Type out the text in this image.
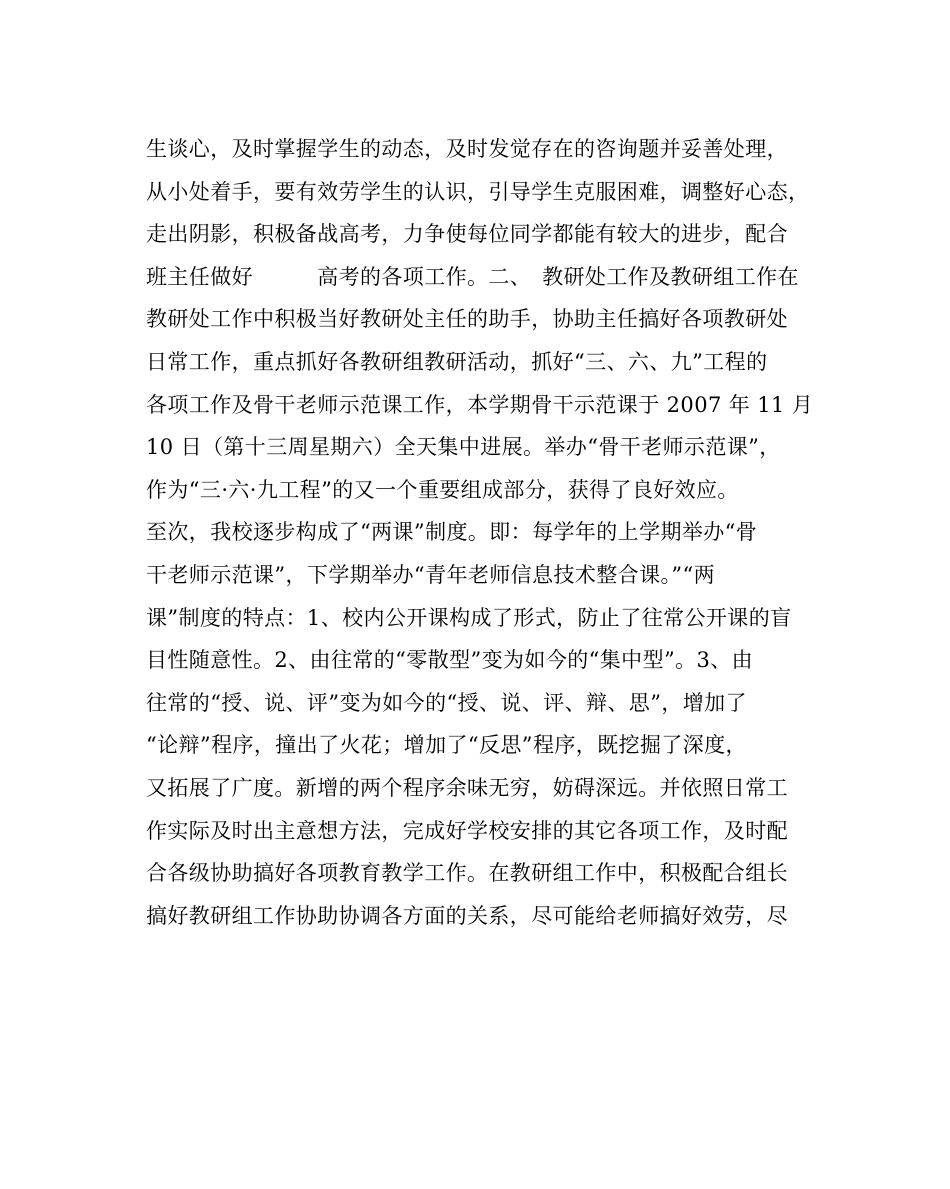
生谈心，及时掌握学生的动态，及时发觉存在的咨询题并妥善处理，
从小处着手，要有效劳学生的认识，引导学生克服困难，调整好心态，
走出阴影，积极备战高考，力争使每位同学都能有较大的进步，配合
班主任做好　　　高考的各项工作。二、　教研处工作及教研组工作在
教研处工作中积极当好教研处主任的助手，协助主任搞好各项教研处
日常工作，重点抓好各教研组教研活动，抓好“三、六、九”工程的
各项工作及骨干老师示范课工作，本学期骨干示范课于 2007 年 11 月
10 日（第十三周星期六）全天集中进展。举办“骨干老师示范课”，
作为“三·六·九工程”的又一个重要组成部分，获得了良好效应。
至次，我校逐步构成了“两课”制度。即：每学年的上学期举办“骨
干老师示范课”，下学期举办“青年老师信息技术整合课。”“两
课”制度的特点：1、校内公开课构成了形式，防止了往常公开课的盲
目性随意性。2、由往常的“零散型”变为如今的“集中型”。3、由
往常的“授、说、评”变为如今的“授、说、评、辩、思”，增加了
“论辩”程序，撞出了火花；增加了“反思”程序，既挖掘了深度，
又拓展了广度。新增的两个程序余味无穷，妨碍深远。并依照日常工
作实际及时出主意想方法，完成好学校安排的其它各项工作，及时配
合各级协助搞好各项教育教学工作。在教研组工作中，积极配合组长
搞好教研组工作协助协调各方面的关系，尽可能给老师搞好效劳，尽
